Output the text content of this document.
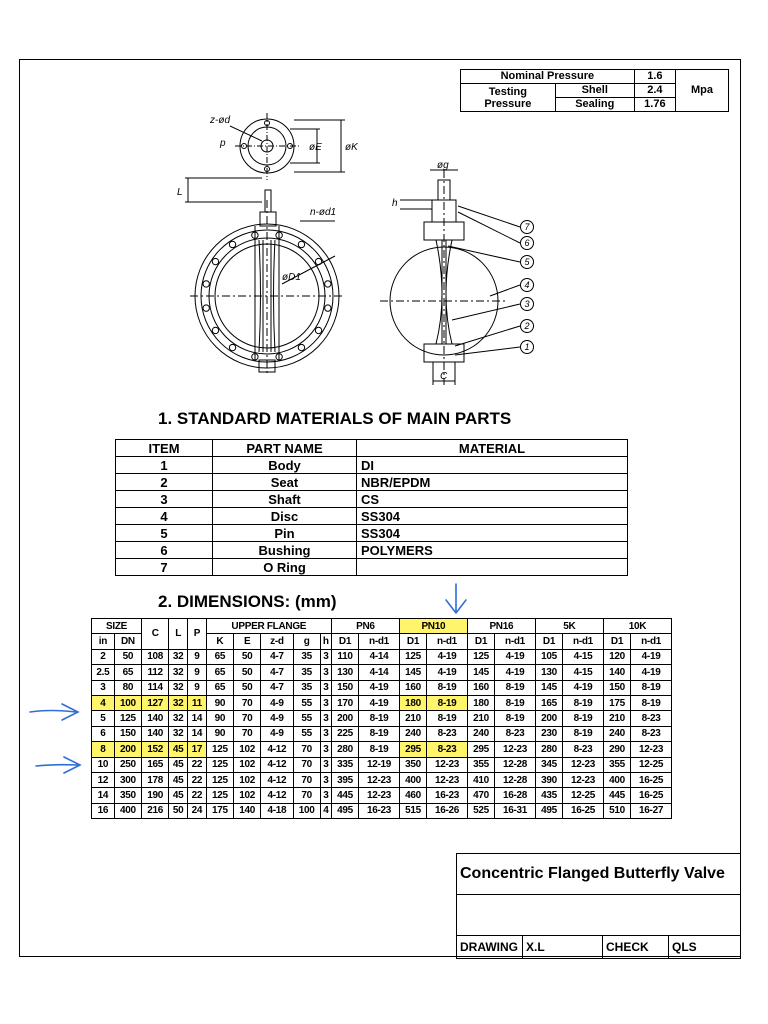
Nominal Pressure		1.6	Mpa
Testing
Pressure	Shell	2.4	
	Sealing	1.76	
z-ød
p	øE øK
L
n-ød1
øD1
øg
h
C
7
6
5
4
3
2
1
1. STANDARD MATERIALS OF MAIN PARTS
ITEM	PART NAME	MATERIAL
1	Body	DI
2	Seat	NBR/EPDM
3	Shaft	CS
4	Disc	SS304
5	Pin	SS304
6	Bushing	POLYMERS
7	O Ring	
2. DIMENSIONS: (mm)
SIZE		C	L	P	UPPER FLANGE					PN6		PN10		PN16		5K		10K	
in	DN				K	E	z-d	g	h	D1	n-d1	D1	n-d1	D1	n-d1	D1	n-d1	D1	n-d1
2	50	108	32	9	65	50	4-7	35	3	110	4-14	125	4-19	125	4-19	105	4-15	120	4-19
2.5	65	112	32	9	65	50	4-7	35	3	130	4-14	145	4-19	145	4-19	130	4-15	140	4-19
3	80	114	32	9	65	50	4-7	35	3	150	4-19	160	8-19	160	8-19	145	4-19	150	8-19
4	100	127	32	11	90	70	4-9	55	3	170	4-19	180	8-19	180	8-19	165	8-19	175	8-19
5	125	140	32	14	90	70	4-9	55	3	200	8-19	210	8-19	210	8-19	200	8-19	210	8-23
6	150	140	32	14	90	70	4-9	55	3	225	8-19	240	8-23	240	8-23	230	8-19	240	8-23
8	200	152	45	17	125	102	4-12	70	3	280	8-19	295	8-23	295	12-23	280	8-23	290	12-23
10	250	165	45	22	125	102	4-12	70	3	335	12-19	350	12-23	355	12-28	345	12-23	355	12-25
12	300	178	45	22	125	102	4-12	70	3	395	12-23	400	12-23	410	12-28	390	12-23	400	16-25
14	350	190	45	22	125	102	4-12	70	3	445	12-23	460	16-23	470	16-28	435	12-25	445	16-25
16	400	216	50	24	175	140	4-18	100	4	495	16-23	515	16-26	525	16-31	495	16-25	510	16-27
Concentric Flanged Butterfly Valve

DRAWING	X.L	CHECK	QLS
